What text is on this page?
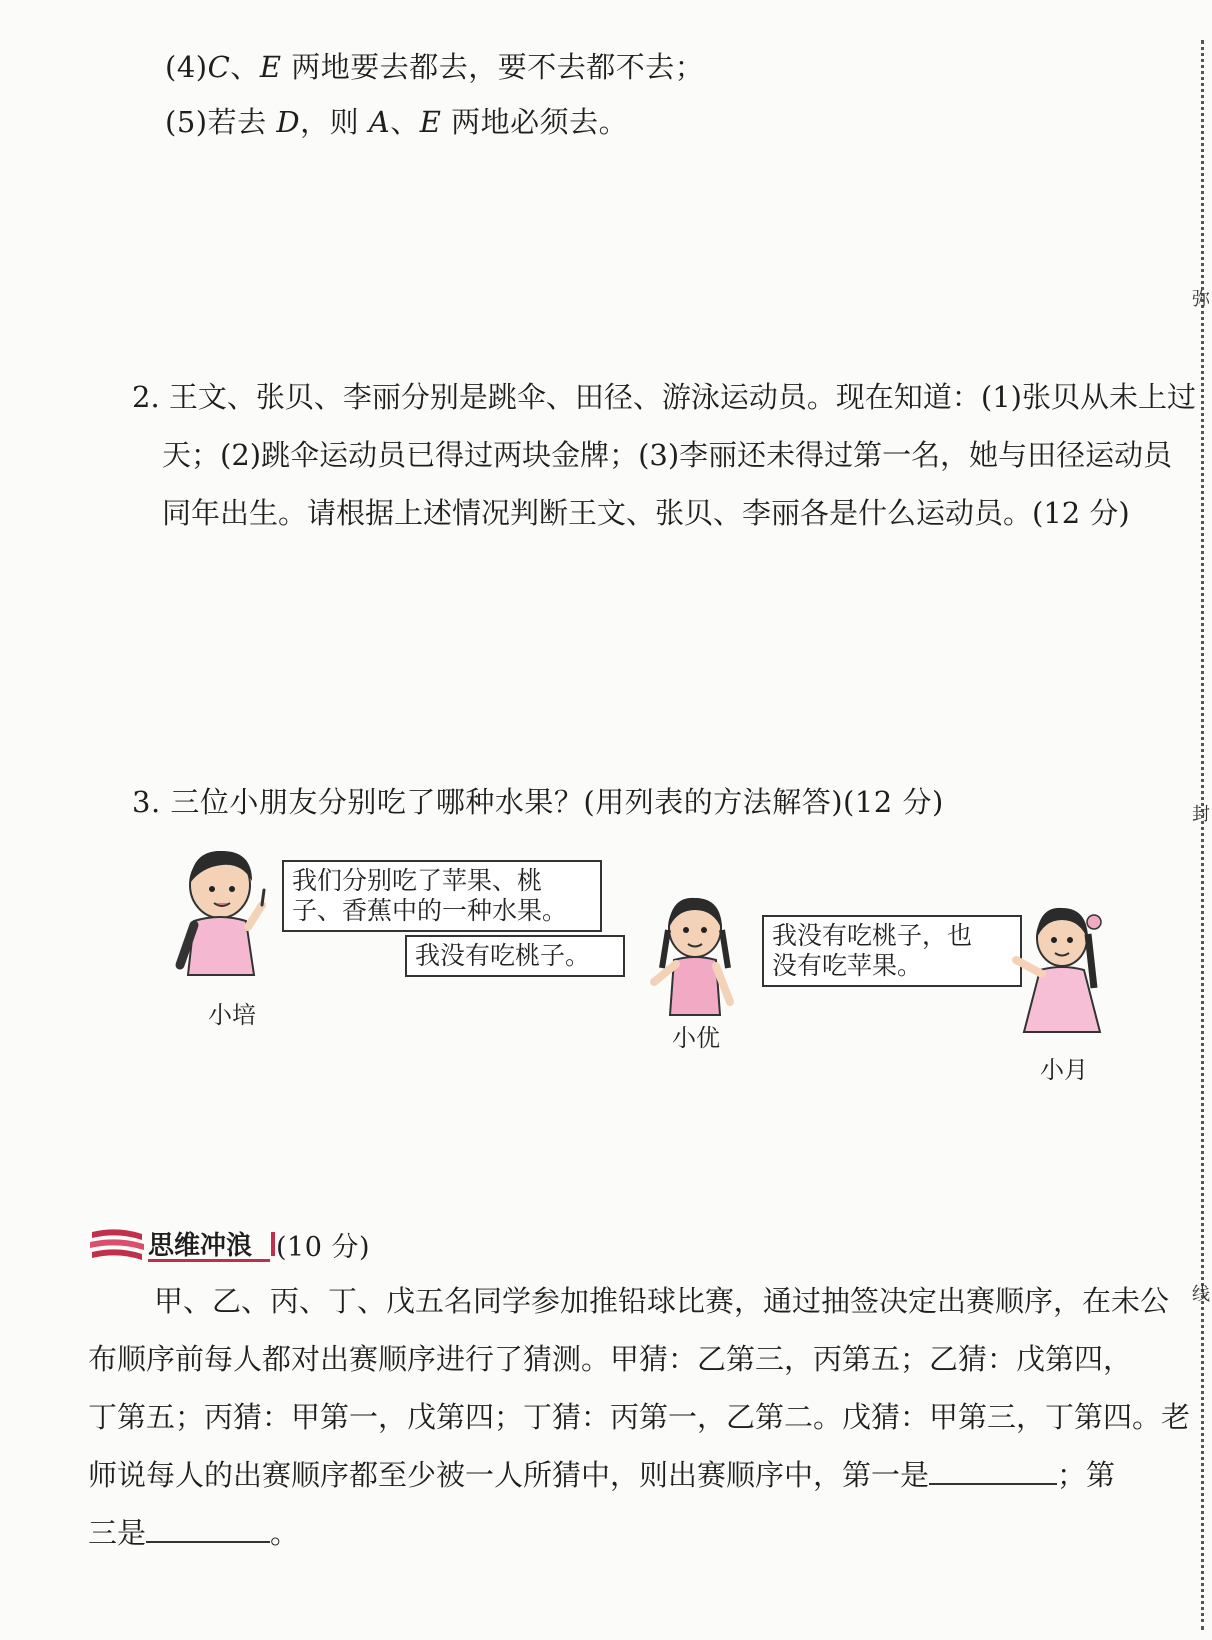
弥
封
线
(4)C、E 两地要去都去，要不去都不去；
(5)若去 D，则 A、E 两地必须去。
2. 王文、张贝、李丽分别是跳伞、田径、游泳运动员。现在知道：(1)张贝从未上过
天；(2)跳伞运动员已得过两块金牌；(3)李丽还未得过第一名，她与田径运动员
同年出生。请根据上述情况判断王文、张贝、李丽各是什么运动员。(12 分)
3. 三位小朋友分别吃了哪种水果？(用列表的方法解答)(12 分)
小培
我们分别吃了苹果、桃
子、香蕉中的一种水果。
我没有吃桃子。
小优
我没有吃桃子，也
没有吃苹果。
小月
思维冲浪 (10 分)
甲、乙、丙、丁、戊五名同学参加推铅球比赛，通过抽签决定出赛顺序，在未公
布顺序前每人都对出赛顺序进行了猜测。甲猜：乙第三，丙第五；乙猜：戊第四，
丁第五；丙猜：甲第一，戊第四；丁猜：丙第一，乙第二。戊猜：甲第三，丁第四。老
师说每人的出赛顺序都至少被一人所猜中，则出赛顺序中，第一是	；第
三是	。
